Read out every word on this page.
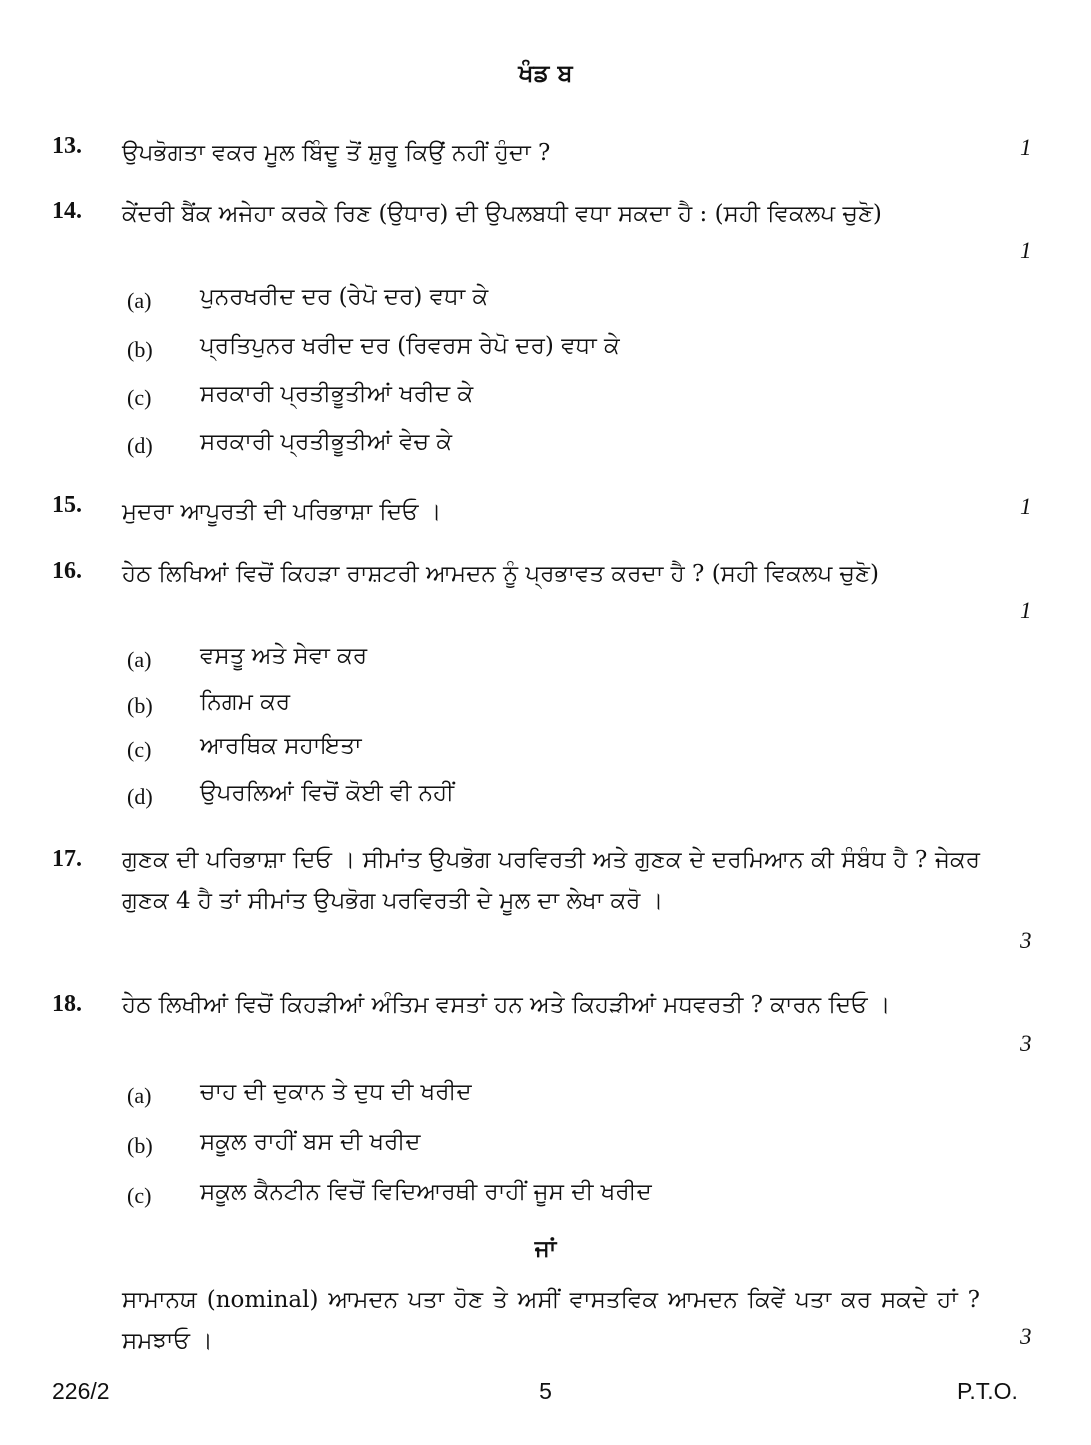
ਖੰਡ ਬ
13. ਉਪਭੋਗਤਾ ਵਕਰ ਮੂਲ ਬਿੰਦੂ ਤੋਂ ਸ਼ੁਰੂ ਕਿਉਂ ਨਹੀਂ ਹੁੰਦਾ ?	1
14. ਕੇਂਦਰੀ ਬੈਂਕ ਅਜੇਹਾ ਕਰਕੇ ਰਿਣ (ਉਧਾਰ) ਦੀ ਉਪਲਬਧੀ ਵਧਾ ਸਕਦਾ ਹੈ : (ਸਹੀ ਵਿਕਲਪ ਚੁਣੋ)
1
(a) ਪੁਨਰਖਰੀਦ ਦਰ (ਰੇਪੋ ਦਰ) ਵਧਾ ਕੇ
(b) ਪ੍ਰਤਿਪੁਨਰ ਖਰੀਦ ਦਰ (ਰਿਵਰਸ ਰੇਪੋ ਦਰ) ਵਧਾ ਕੇ
(c) ਸਰਕਾਰੀ ਪ੍ਰਤੀਭੂਤੀਆਂ ਖਰੀਦ ਕੇ
(d) ਸਰਕਾਰੀ ਪ੍ਰਤੀਭੂਤੀਆਂ ਵੇਚ ਕੇ
15. ਮੁਦਰਾ ਆਪੂਰਤੀ ਦੀ ਪਰਿਭਾਸ਼ਾ ਦਿਓ ।	1
16. ਹੇਠ ਲਿਖਿਆਂ ਵਿਚੋਂ ਕਿਹੜਾ ਰਾਸ਼ਟਰੀ ਆਮਦਨ ਨੂੰ ਪ੍ਰਭਾਵਤ ਕਰਦਾ ਹੈ ? (ਸਹੀ ਵਿਕਲਪ ਚੁਣੋ)
1
(a) ਵਸਤੂ ਅਤੇ ਸੇਵਾ ਕਰ
(b) ਨਿਗਮ ਕਰ
(c) ਆਰਥਿਕ ਸਹਾਇਤਾ
(d) ਉਪਰਲਿਆਂ ਵਿਚੋਂ ਕੋਈ ਵੀ ਨਹੀਂ
17. ਗੁਣਕ ਦੀ ਪਰਿਭਾਸ਼ਾ ਦਿਓ । ਸੀਮਾਂਤ ਉਪਭੋਗ ਪਰਵਿਰਤੀ ਅਤੇ ਗੁਣਕ ਦੇ ਦਰਮਿਆਨ ਕੀ ਸੰਬੰਧ ਹੈ ? ਜੇਕਰ ਗੁਣਕ 4 ਹੈ ਤਾਂ ਸੀਮਾਂਤ ਉਪਭੋਗ ਪਰਵਿਰਤੀ ਦੇ ਮੂਲ ਦਾ ਲੇਖਾ ਕਰੋ ।
3
18. ਹੇਠ ਲਿਖੀਆਂ ਵਿਚੋਂ ਕਿਹੜੀਆਂ ਅੰਤਿਮ ਵਸਤਾਂ ਹਨ ਅਤੇ ਕਿਹੜੀਆਂ ਮਧਵਰਤੀ ? ਕਾਰਨ ਦਿਓ ।
3
(a) ਚਾਹ ਦੀ ਦੁਕਾਨ ਤੇ ਦੁਧ ਦੀ ਖਰੀਦ
(b) ਸਕੂਲ ਰਾਹੀਂ ਬਸ ਦੀ ਖਰੀਦ
(c) ਸਕੂਲ ਕੈਨਟੀਨ ਵਿਚੋਂ ਵਿਦਿਆਰਥੀ ਰਾਹੀਂ ਜੂਸ ਦੀ ਖਰੀਦ
ਜਾਂ
ਸਾਮਾਨਯ (nominal) ਆਮਦਨ ਪਤਾ ਹੋਣ ਤੇ ਅਸੀਂ ਵਾਸਤਵਿਕ ਆਮਦਨ ਕਿਵੇਂ ਪਤਾ ਕਰ ਸਕਦੇ ਹਾਂ ? ਸਮਝਾਓ ।	3
226/2	5	P.T.O.
